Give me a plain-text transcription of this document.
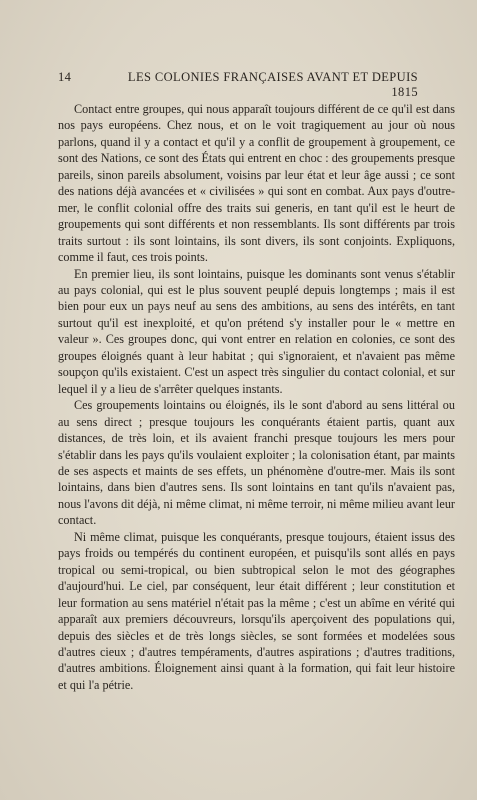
14	LES COLONIES FRANÇAISES AVANT ET DEPUIS 1815

Contact entre groupes, qui nous apparaît toujours différent de ce qu'il est dans nos pays européens. Chez nous, et on le voit tragiquement au jour où nous parlons, quand il y a contact et qu'il y a conflit de groupement à groupement, ce sont des Nations, ce sont des États qui entrent en choc : des groupements presque pareils, sinon pareils absolument, voisins par leur état et leur âge aussi ; ce sont des nations déjà avancées et « civilisées » qui sont en combat. Aux pays d'outre-mer, le conflit colonial offre des traits sui generis, en tant qu'il est le heurt de groupements qui sont différents et non ressemblants. Ils sont différents par trois traits surtout : ils sont lointains, ils sont divers, ils sont conjoints. Expliquons, comme il faut, ces trois points.

En premier lieu, ils sont lointains, puisque les dominants sont venus s'établir au pays colonial, qui est le plus souvent peuplé depuis longtemps ; mais il est bien pour eux un pays neuf au sens des ambitions, au sens des intérêts, en tant surtout qu'il est inexploité, et qu'on prétend s'y installer pour le « mettre en valeur ». Ces groupes donc, qui vont entrer en relation en colonies, ce sont des groupes éloignés quant à leur habitat ; qui s'ignoraient, et n'avaient pas même soupçon qu'ils existaient. C'est un aspect très singulier du contact colonial, et sur lequel il y a lieu de s'arrêter quelques instants.

Ces groupements lointains ou éloignés, ils le sont d'abord au sens littéral ou au sens direct ; presque toujours les conquérants étaient partis, quant aux distances, de très loin, et ils avaient franchi presque toujours les mers pour s'établir dans les pays qu'ils voulaient exploiter ; la colonisation étant, par maints de ses aspects et maints de ses effets, un phénomène d'outre-mer. Mais ils sont lointains, dans bien d'autres sens. Ils sont lointains en tant qu'ils n'avaient pas, nous l'avons dit déjà, ni même climat, ni même terroir, ni même milieu avant leur contact.

Ni même climat, puisque les conquérants, presque toujours, étaient issus des pays froids ou tempérés du continent européen, et puisqu'ils sont allés en pays tropical ou semi-tropical, ou bien subtropical selon le mot des géographes d'aujourd'hui. Le ciel, par conséquent, leur était différent ; leur constitution et leur formation au sens matériel n'était pas la même ; c'est un abîme en vérité qui apparaît aux premiers découvreurs, lorsqu'ils aperçoivent des populations qui, depuis des siècles et de très longs siècles, se sont formées et modelées sous d'autres cieux ; d'autres tempéraments, d'autres aspirations ; d'autres traditions, d'autres ambitions. Éloignement ainsi quant à la formation, qui fait leur histoire et qui l'a pétrie.
